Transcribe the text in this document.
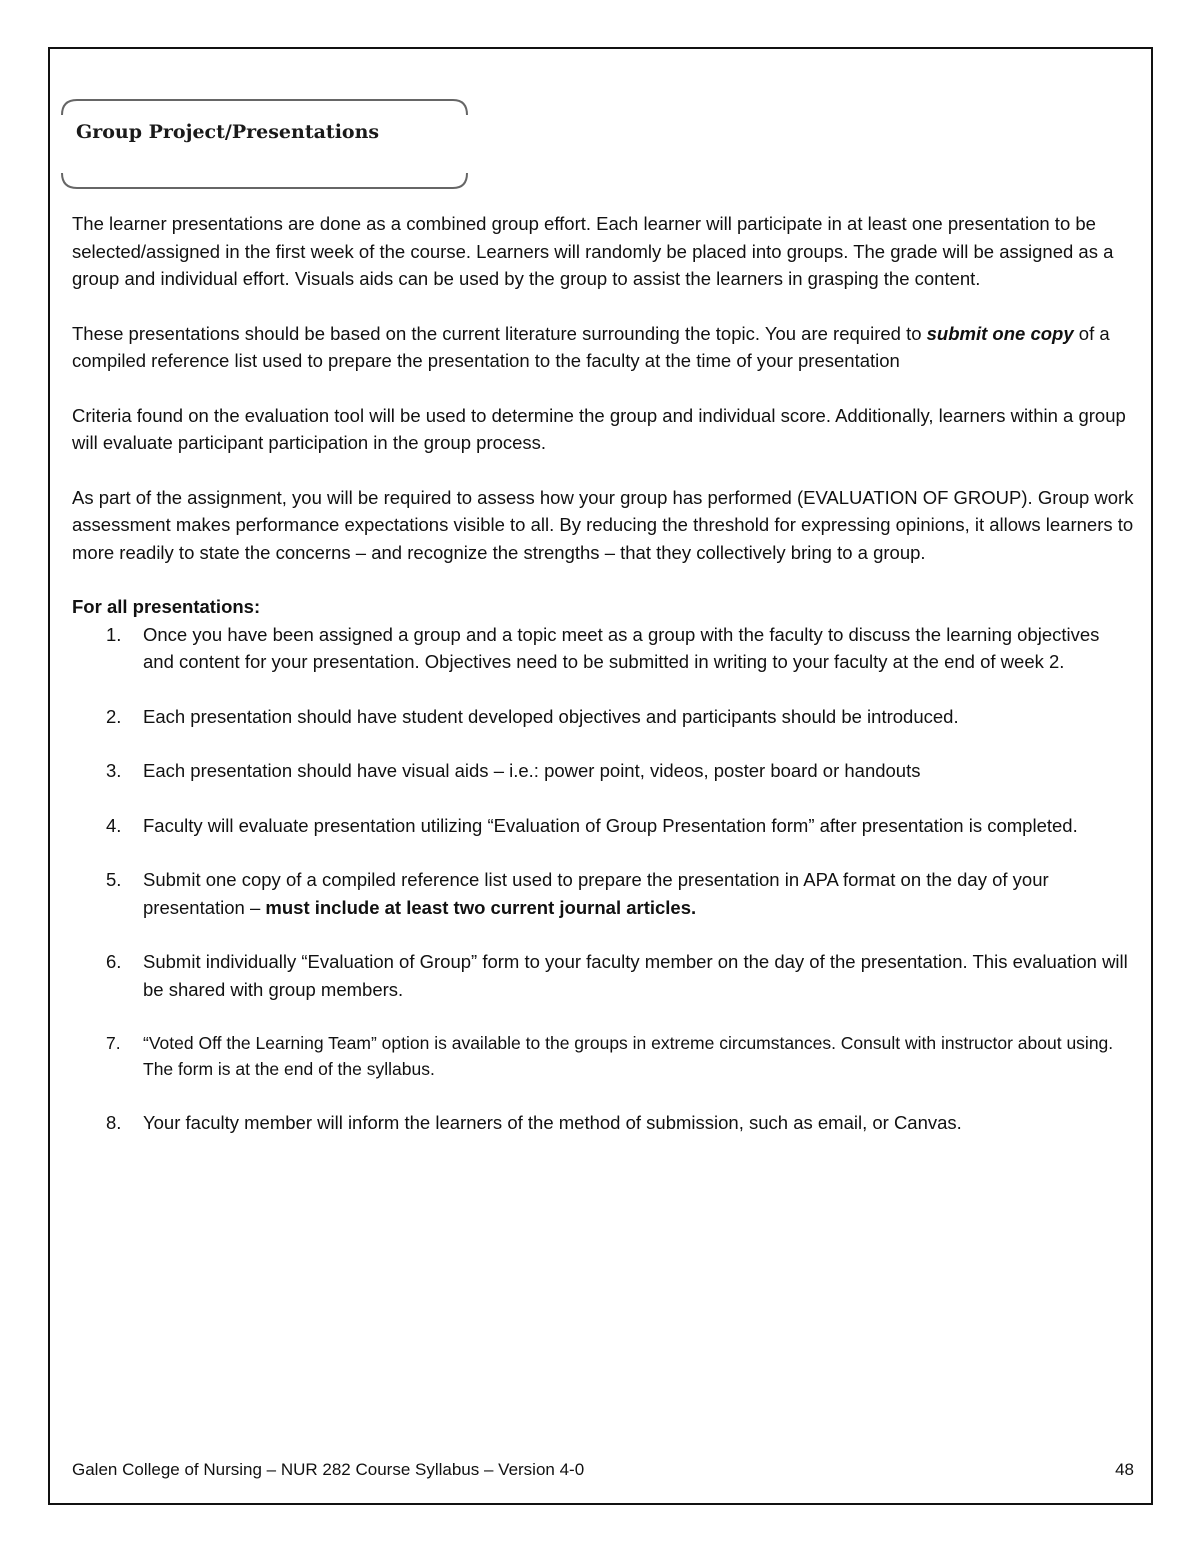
Group Project/Presentations

The learner presentations are done as a combined group effort. Each learner will participate in at least one presentation to be selected/assigned in the first week of the course. Learners will randomly be placed into groups. The grade will be assigned as a group and individual effort. Visuals aids can be used by the group to assist the learners in grasping the content.

These presentations should be based on the current literature surrounding the topic. You are required to submit one copy of a compiled reference list used to prepare the presentation to the faculty at the time of your presentation

Criteria found on the evaluation tool will be used to determine the group and individual score. Additionally, learners within a group will evaluate participant participation in the group process.

As part of the assignment, you will be required to assess how your group has performed (EVALUATION OF GROUP). Group work assessment makes performance expectations visible to all. By reducing the threshold for expressing opinions, it allows learners to more readily to state the concerns – and recognize the strengths – that they collectively bring to a group.

For all presentations:
1. Once you have been assigned a group and a topic meet as a group with the faculty to discuss the learning objectives and content for your presentation. Objectives need to be submitted in writing to your faculty at the end of week 2.
2. Each presentation should have student developed objectives and participants should be introduced.
3. Each presentation should have visual aids – i.e.: power point, videos, poster board or handouts
4. Faculty will evaluate presentation utilizing “Evaluation of Group Presentation form” after presentation is completed.
5. Submit one copy of a compiled reference list used to prepare the presentation in APA format on the day of your presentation – must include at least two current journal articles.
6. Submit individually “Evaluation of Group” form to your faculty member on the day of the presentation. This evaluation will be shared with group members.
7. “Voted Off the Learning Team” option is available to the groups in extreme circumstances. Consult with instructor about using. The form is at the end of the syllabus.
8. Your faculty member will inform the learners of the method of submission, such as email, or Canvas.
Galen College of Nursing – NUR 282 Course Syllabus – Version 4-0	48
